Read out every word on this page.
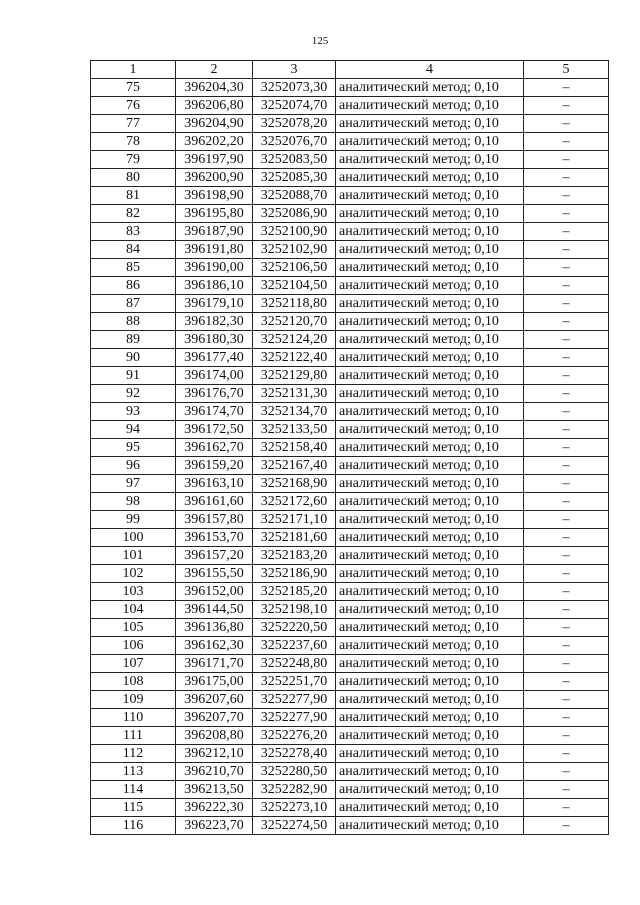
125
1	2	3	4	5
75	396204,30	3252073,30	аналитический метод; 0,10	–
76	396206,80	3252074,70	аналитический метод; 0,10	–
77	396204,90	3252078,20	аналитический метод; 0,10	–
78	396202,20	3252076,70	аналитический метод; 0,10	–
79	396197,90	3252083,50	аналитический метод; 0,10	–
80	396200,90	3252085,30	аналитический метод; 0,10	–
81	396198,90	3252088,70	аналитический метод; 0,10	–
82	396195,80	3252086,90	аналитический метод; 0,10	–
83	396187,90	3252100,90	аналитический метод; 0,10	–
84	396191,80	3252102,90	аналитический метод; 0,10	–
85	396190,00	3252106,50	аналитический метод; 0,10	–
86	396186,10	3252104,50	аналитический метод; 0,10	–
87	396179,10	3252118,80	аналитический метод; 0,10	–
88	396182,30	3252120,70	аналитический метод; 0,10	–
89	396180,30	3252124,20	аналитический метод; 0,10	–
90	396177,40	3252122,40	аналитический метод; 0,10	–
91	396174,00	3252129,80	аналитический метод; 0,10	–
92	396176,70	3252131,30	аналитический метод; 0,10	–
93	396174,70	3252134,70	аналитический метод; 0,10	–
94	396172,50	3252133,50	аналитический метод; 0,10	–
95	396162,70	3252158,40	аналитический метод; 0,10	–
96	396159,20	3252167,40	аналитический метод; 0,10	–
97	396163,10	3252168,90	аналитический метод; 0,10	–
98	396161,60	3252172,60	аналитический метод; 0,10	–
99	396157,80	3252171,10	аналитический метод; 0,10	–
100	396153,70	3252181,60	аналитический метод; 0,10	–
101	396157,20	3252183,20	аналитический метод; 0,10	–
102	396155,50	3252186,90	аналитический метод; 0,10	–
103	396152,00	3252185,20	аналитический метод; 0,10	–
104	396144,50	3252198,10	аналитический метод; 0,10	–
105	396136,80	3252220,50	аналитический метод; 0,10	–
106	396162,30	3252237,60	аналитический метод; 0,10	–
107	396171,70	3252248,80	аналитический метод; 0,10	–
108	396175,00	3252251,70	аналитический метод; 0,10	–
109	396207,60	3252277,90	аналитический метод; 0,10	–
110	396207,70	3252277,90	аналитический метод; 0,10	–
111	396208,80	3252276,20	аналитический метод; 0,10	–
112	396212,10	3252278,40	аналитический метод; 0,10	–
113	396210,70	3252280,50	аналитический метод; 0,10	–
114	396213,50	3252282,90	аналитический метод; 0,10	–
115	396222,30	3252273,10	аналитический метод; 0,10	–
116	396223,70	3252274,50	аналитический метод; 0,10	–
